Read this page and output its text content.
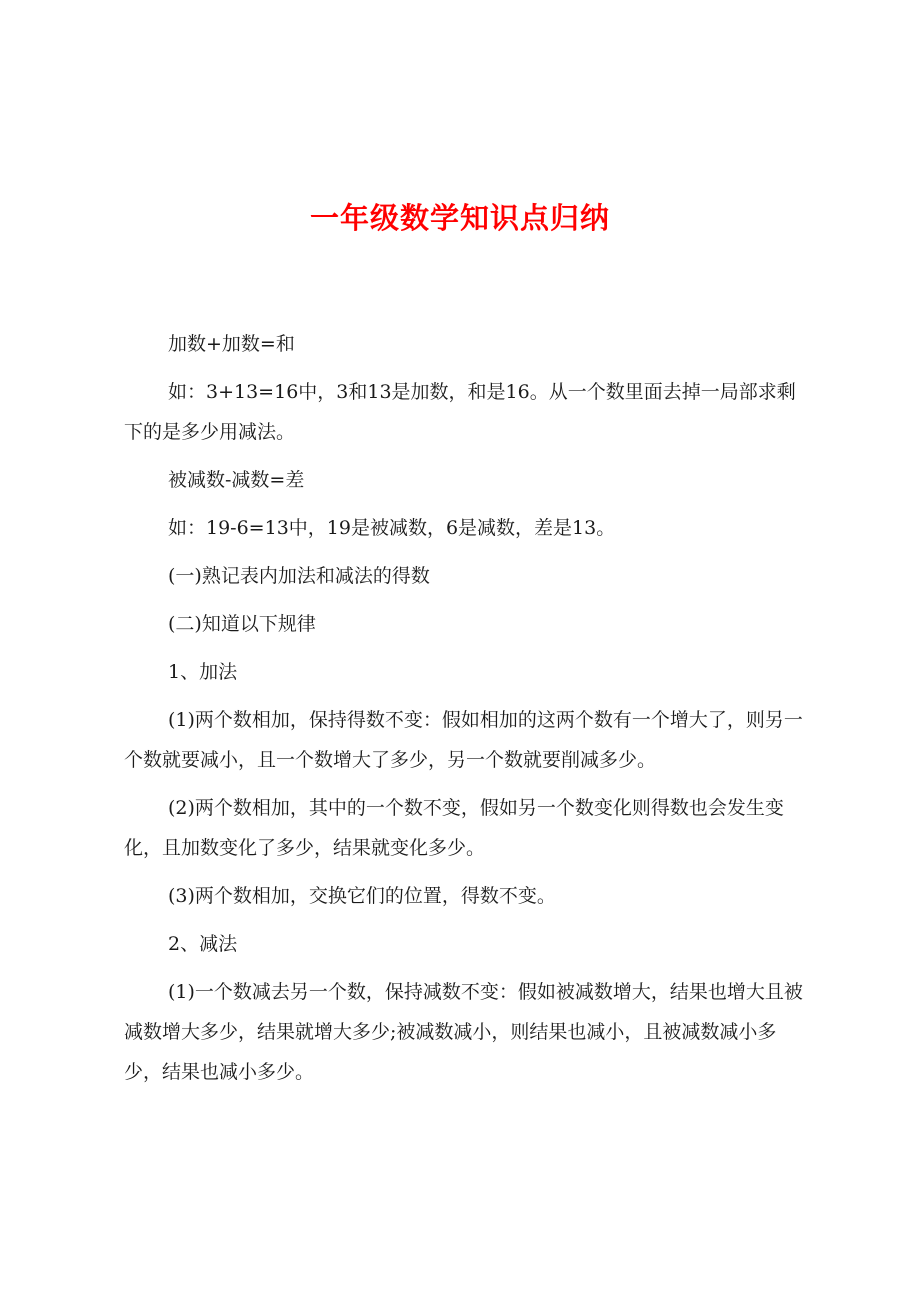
一年级数学知识点归纳

加数+加数=和

如：3+13=16中，3和13是加数，和是16。从一个数里面去掉一局部求剩下的是多少用减法。

被减数-减数=差

如：19-6=13中，19是被减数，6是减数，差是13。

(一)熟记表内加法和减法的得数

(二)知道以下规律

1、加法

(1)两个数相加，保持得数不变：假如相加的这两个数有一个增大了，则另一个数就要减小，且一个数增大了多少，另一个数就要削减多少。

(2)两个数相加，其中的一个数不变，假如另一个数变化则得数也会发生变化，且加数变化了多少，结果就变化多少。

(3)两个数相加，交换它们的位置，得数不变。

2、减法

(1)一个数减去另一个数，保持减数不变：假如被减数增大，结果也增大且被减数增大多少，结果就增大多少;被减数减小，则结果也减小，且被减数减小多少，结果也减小多少。
